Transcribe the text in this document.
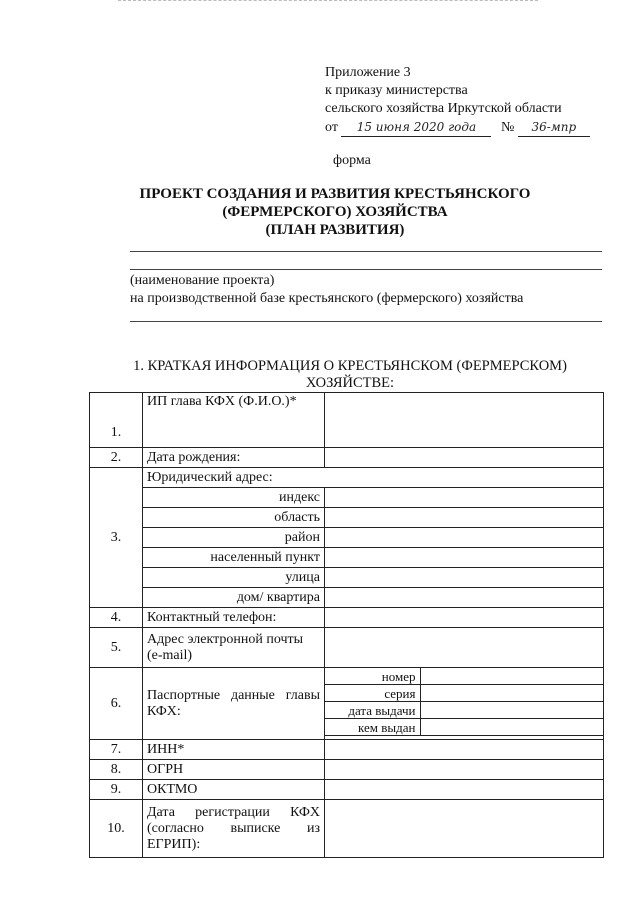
Приложение 3
к приказу министерства
сельского хозяйства Иркутской области
от 15 июня 2020 года № 36-мпр
форма
ПРОЕКТ СОЗДАНИЯ И РАЗВИТИЯ КРЕСТЬЯНСКОГО
(ФЕРМЕРСКОГО) ХОЗЯЙСТВА
(ПЛАН РАЗВИТИЯ)
(наименование проекта)
на производственной базе крестьянского (фермерского) хозяйства
1. КРАТКАЯ ИНФОРМАЦИЯ О КРЕСТЬЯНСКОМ (ФЕРМЕРСКОМ)
ХОЗЯЙСТВЕ:
1.	ИП глава КФХ (Ф.И.О.)*	
2.	Дата рождения:	
3.	Юридический адрес:
индекс	
область	
район	
населенный пункт	
улица	
дом/ квартира	
4.	Контактный телефон:	
5.	Адрес электронной почты (e-mail)	
6.	Паспортные данные главы КФХ:	
номер	
серия	
дата выдачи	
кем выдан	

7.	ИНН*	
8.	ОГРН	
9.	ОКТМО	
10.	Дата регистрации КФХ (согласно выписке из ЕГРИП):	
